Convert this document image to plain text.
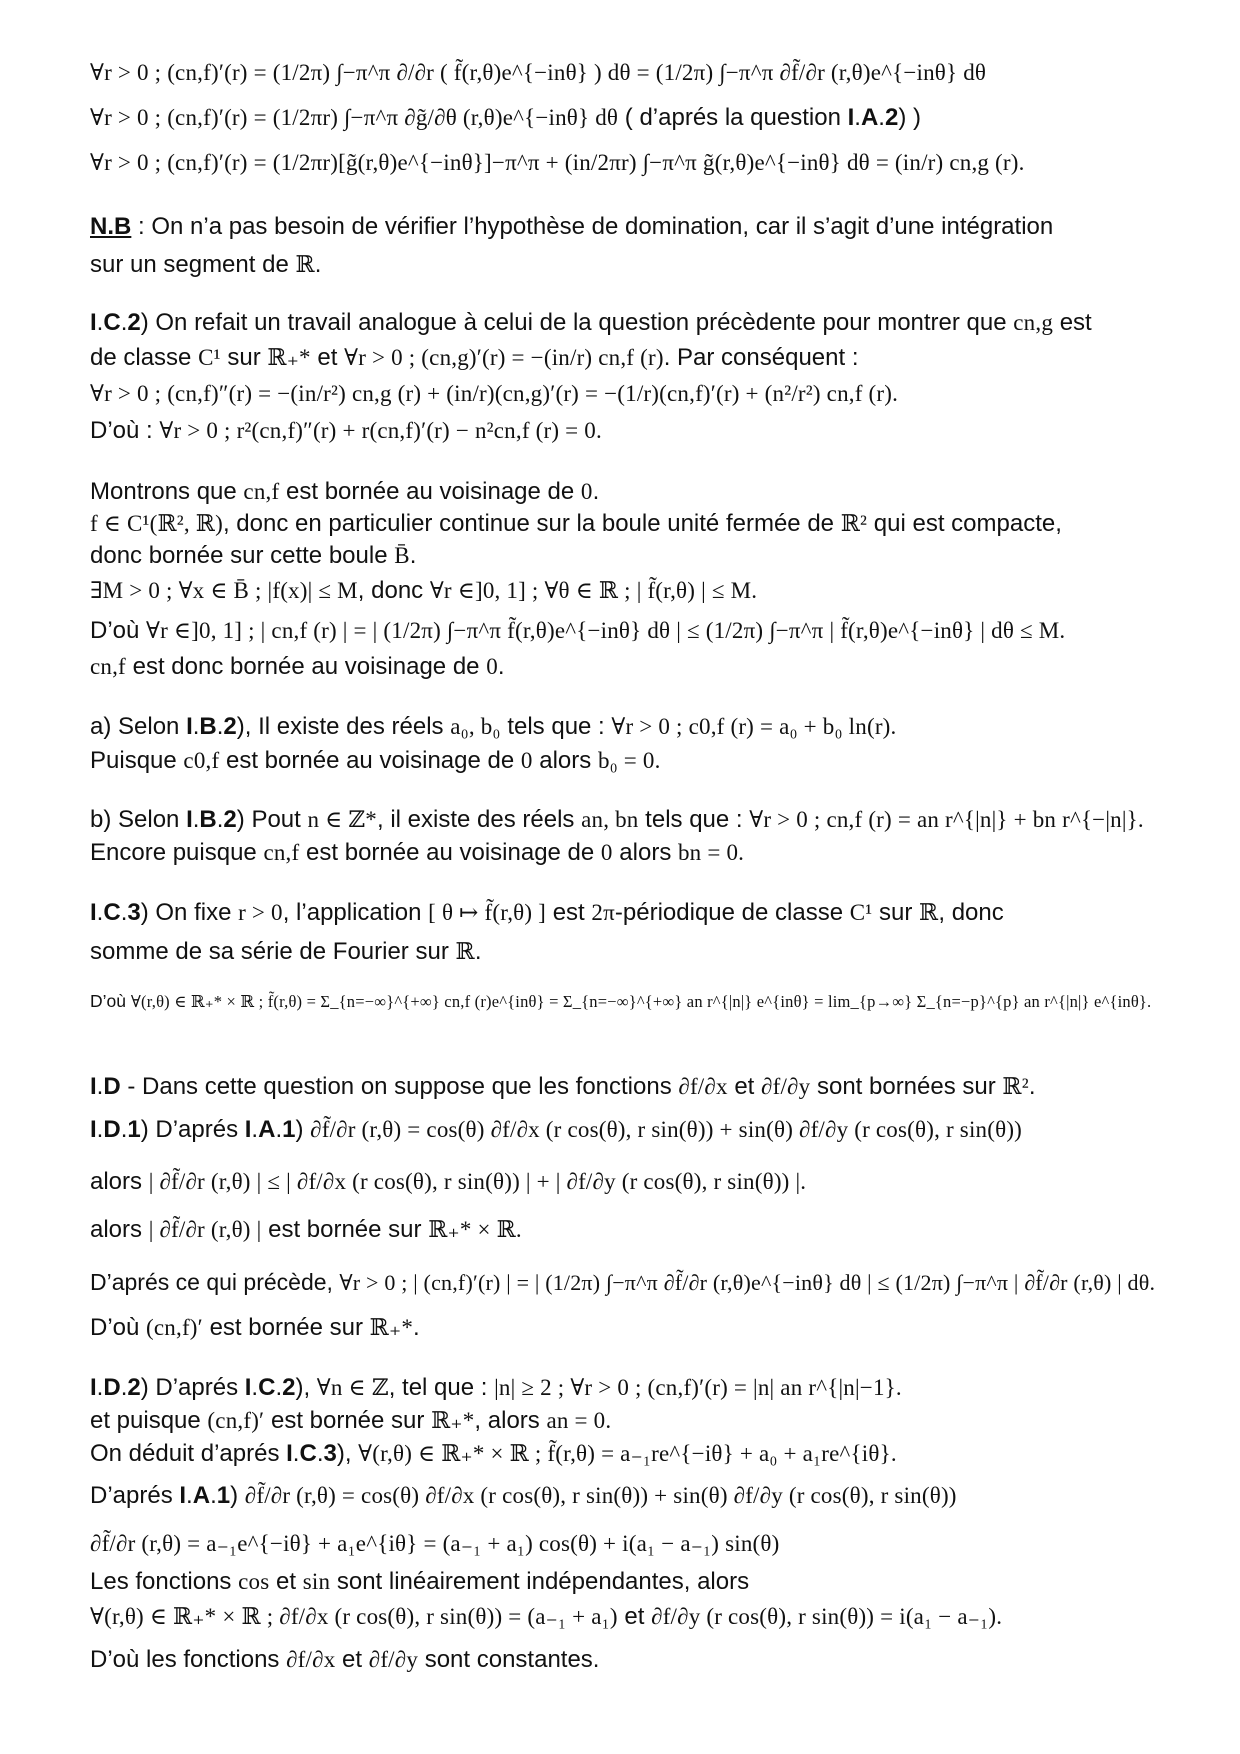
∀r > 0 ; (cn,f)′(r) = (1/2π) ∫−π^π ∂/∂r ( f̃(r,θ)e^{−inθ} ) dθ = (1/2π) ∫−π^π ∂f̃/∂r (r,θ)e^{−inθ} dθ
∀r > 0 ; (cn,f)′(r) = (1/2πr) ∫−π^π ∂g̃/∂θ (r,θ)e^{−inθ} dθ ( d’aprés la question I.A.2) )
∀r > 0 ; (cn,f)′(r) = (1/2πr)[g̃(r,θ)e^{−inθ}]−π^π + (in/2πr) ∫−π^π g̃(r,θ)e^{−inθ} dθ = (in/r) cn,g (r).
N.B : On n’a pas besoin de vérifier l’hypothèse de domination, car il s’agit d’une intégration
sur un segment de ℝ.
I.C.2) On refait un travail analogue à celui de la question précèdente pour montrer que cn,g est
de classe C¹ sur ℝ₊* et ∀r > 0 ; (cn,g)′(r) = −(in/r) cn,f (r). Par conséquent :
∀r > 0 ; (cn,f)″(r) = −(in/r²) cn,g (r) + (in/r)(cn,g)′(r) = −(1/r)(cn,f)′(r) + (n²/r²) cn,f (r).
D’où : ∀r > 0 ; r²(cn,f)″(r) + r(cn,f)′(r) − n²cn,f (r) = 0.
Montrons que cn,f est bornée au voisinage de 0.
f ∈ C¹(ℝ², ℝ), donc en particulier continue sur la boule unité fermée de ℝ² qui est compacte,
donc bornée sur cette boule B̄.
∃M > 0 ; ∀x ∈ B̄ ; |f(x)| ≤ M, donc ∀r ∈]0, 1] ; ∀θ ∈ ℝ ; | f̃(r,θ) | ≤ M.
D’où ∀r ∈]0, 1] ; | cn,f (r) | = | (1/2π) ∫−π^π f̃(r,θ)e^{−inθ} dθ | ≤ (1/2π) ∫−π^π | f̃(r,θ)e^{−inθ} | dθ ≤ M.
cn,f est donc bornée au voisinage de 0.
a) Selon I.B.2), Il existe des réels a₀, b₀ tels que : ∀r > 0 ; c0,f (r) = a₀ + b₀ ln(r).
Puisque c0,f est bornée au voisinage de 0 alors b₀ = 0.
b) Selon I.B.2) Pout n ∈ ℤ*, il existe des réels an, bn tels que : ∀r > 0 ; cn,f (r) = an r^{|n|} + bn r^{−|n|}.
Encore puisque cn,f est bornée au voisinage de 0 alors bn = 0.
I.C.3) On fixe r > 0, l’application [ θ ↦ f̃(r,θ) ] est 2π-périodique de classe C¹ sur ℝ, donc
somme de sa série de Fourier sur ℝ.
D’où ∀(r,θ) ∈ ℝ₊* × ℝ ; f̃(r,θ) = Σ_{n=−∞}^{+∞} cn,f (r)e^{inθ} = Σ_{n=−∞}^{+∞} an r^{|n|} e^{inθ} = lim_{p→∞} Σ_{n=−p}^{p} an r^{|n|} e^{inθ}.
I.D - Dans cette question on suppose que les fonctions ∂f/∂x et ∂f/∂y sont bornées sur ℝ².
I.D.1) D’aprés I.A.1) ∂f̃/∂r (r,θ) = cos(θ) ∂f/∂x (r cos(θ), r sin(θ)) + sin(θ) ∂f/∂y (r cos(θ), r sin(θ))
alors | ∂f̃/∂r (r,θ) | ≤ | ∂f/∂x (r cos(θ), r sin(θ)) | + | ∂f/∂y (r cos(θ), r sin(θ)) |.
alors | ∂f̃/∂r (r,θ) | est bornée sur ℝ₊* × ℝ.
D’aprés ce qui précède, ∀r > 0 ; | (cn,f)′(r) | = | (1/2π) ∫−π^π ∂f̃/∂r (r,θ)e^{−inθ} dθ | ≤ (1/2π) ∫−π^π | ∂f̃/∂r (r,θ) | dθ.
D’où (cn,f)′ est bornée sur ℝ₊*.
I.D.2) D’aprés I.C.2), ∀n ∈ ℤ, tel que : |n| ≥ 2 ; ∀r > 0 ; (cn,f)′(r) = |n| an r^{|n|−1}.
et puisque (cn,f)′ est bornée sur ℝ₊*, alors an = 0.
On déduit d’aprés I.C.3), ∀(r,θ) ∈ ℝ₊* × ℝ ; f̃(r,θ) = a₋₁re^{−iθ} + a₀ + a₁re^{iθ}.
D’aprés I.A.1) ∂f̃/∂r (r,θ) = cos(θ) ∂f/∂x (r cos(θ), r sin(θ)) + sin(θ) ∂f/∂y (r cos(θ), r sin(θ))
∂f̃/∂r (r,θ) = a₋₁e^{−iθ} + a₁e^{iθ} = (a₋₁ + a₁) cos(θ) + i(a₁ − a₋₁) sin(θ)
Les fonctions cos et sin sont linéairement indépendantes, alors
∀(r,θ) ∈ ℝ₊* × ℝ ; ∂f/∂x (r cos(θ), r sin(θ)) = (a₋₁ + a₁) et ∂f/∂y (r cos(θ), r sin(θ)) = i(a₁ − a₋₁).
D’où les fonctions ∂f/∂x et ∂f/∂y sont constantes.
